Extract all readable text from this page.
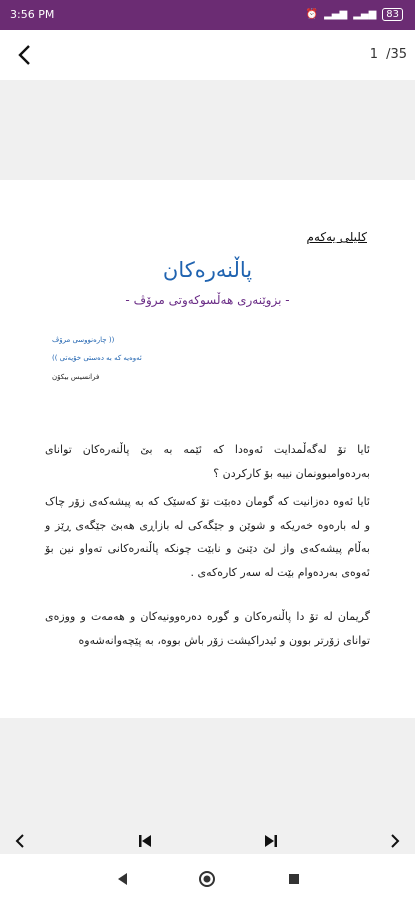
3:56 PM	⏰ ▂▄▆ ▂▄▆	83
1 /35
کلیلی یەکەم
پاڵنەرەکان
- بزوێنەری هەڵسوکەوتی مرۆڤ -
(( چارەنووسی مرۆڤ
ئەوەیە کە بە دەستی خۆیەتی ))
فرانسیس بیکۆن

ئایا تۆ لەگەڵمدایت ئەوەدا کە ئێمە بە بێ پاڵنەرەکان توانای بەردەوامبوونمان نییە بۆ کارکردن ؟

ئایا ئەوە دەزانیت کە گومان دەبێت تۆ کەسێک کە بە پیشەکەی زۆر چاک و لە بارەوە خەریکە و شوێن و جێگەکی لە بازاڕی هەبێ جێگەی ڕێز و بەڵام پیشەکەی واز لێ دێنێ و نابێت چونکە پاڵنەرەکانی تەواو نین بۆ ئەوەی بەردەوام بێت لە سەر کارەکەی .

گریمان لە تۆ دا پاڵنەرەکان و گورە دەرەوونیەکان و هەمەت و ووزەی توانای زۆرتر بوون و ئیدراکیشت زۆر باش بووە، بە پێچەوانەشەوە
